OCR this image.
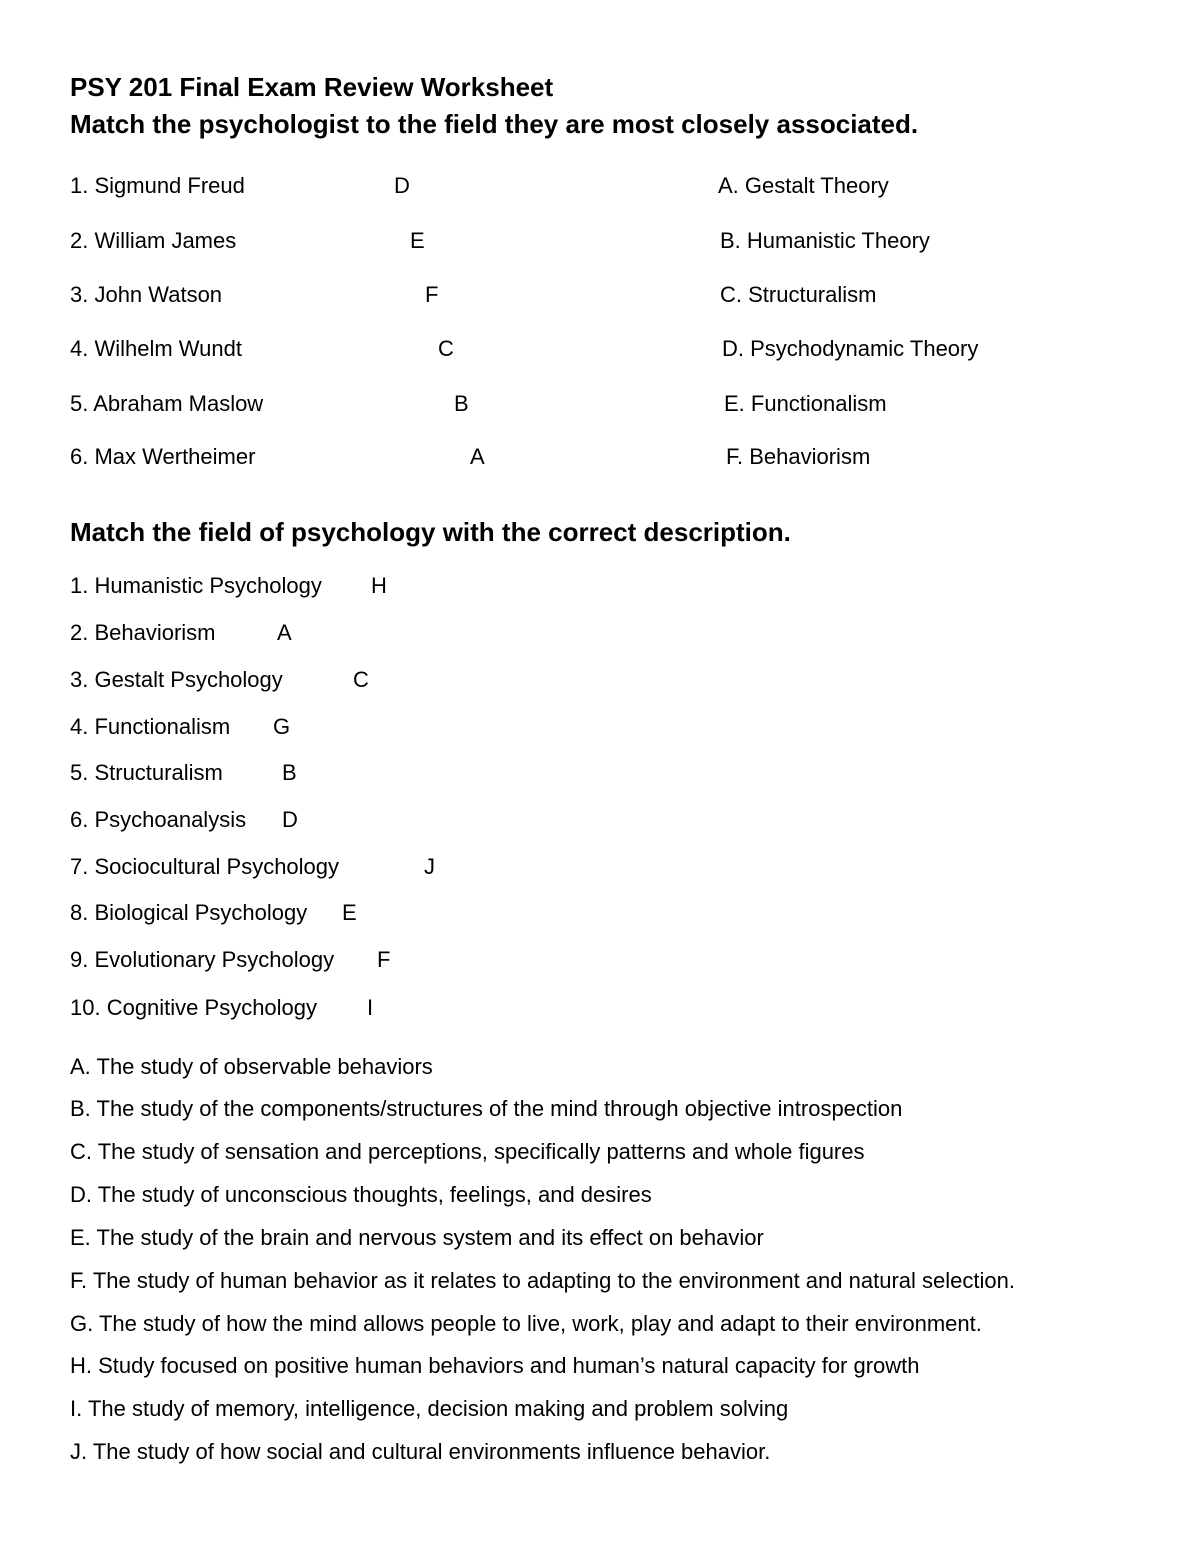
PSY 201 Final Exam Review Worksheet
Match the psychologist to the field they are most closely associated.
1. Sigmund Freud	D	A. Gestalt Theory
2. William James	E	B. Humanistic Theory
3. John Watson	F	C. Structuralism
4. Wilhelm Wundt	C	D. Psychodynamic Theory
5. Abraham Maslow	B	E. Functionalism
6. Max Wertheimer	A	F. Behaviorism
Match the field of psychology with the correct description.
1. Humanistic Psychology H
2. Behaviorism	A
3. Gestalt Psychology	C
4. Functionalism G
5. Structuralism	B
6. Psychoanalysis D
7. Sociocultural Psychology	J
8. Biological Psychology E
9. Evolutionary Psychology F
10. Cognitive Psychology I
A. The study of observable behaviors
B. The study of the components/structures of the mind through objective introspection
C. The study of sensation and perceptions, specifically patterns and whole figures
D. The study of unconscious thoughts, feelings, and desires
E. The study of the brain and nervous system and its effect on behavior
F. The study of human behavior as it relates to adapting to the environment and natural selection.
G. The study of how the mind allows people to live, work, play and adapt to their environment.
H. Study focused on positive human behaviors and human’s natural capacity for growth
I. The study of memory, intelligence, decision making and problem solving
J. The study of how social and cultural environments influence behavior.
